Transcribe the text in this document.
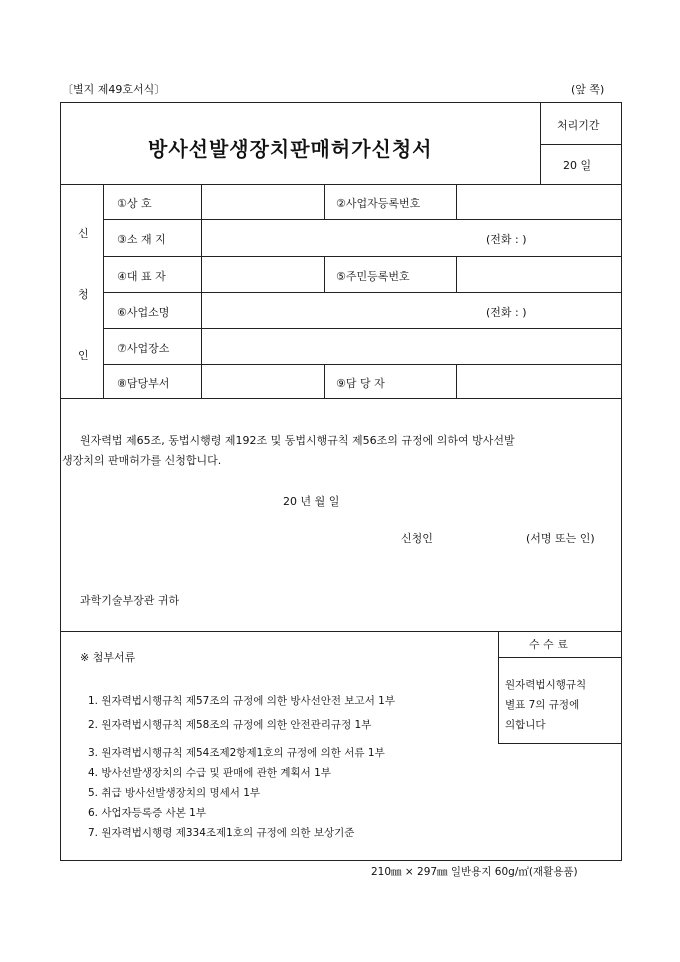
〔별지 제49호서식〕	(앞 쪽)
방사선발생장치판매허가신청서
처리기간
20 일
신
청
인
①상 호	②사업자등록번호
③소 재 지	(전화 : )
④대 표 자	⑤주민등록번호
⑥사업소명	(전화 : )
⑦사업장소
⑧담당부서	⑨담 당 자
원자력법 제65조, 동법시행령 제192조 및 동법시행규칙 제56조의 규정에 의하여 방사선발
생장치의 판매허가를 신청합니다.
20 년 월 일
신청인	(서명 또는 인)
과학기술부장관 귀하
수 수 료
원자력법시행규칙
별표 7의 규정에
의합니다
※ 첨부서류
1. 원자력법시행규칙 제57조의 규정에 의한 방사선안전 보고서 1부
2. 원자력법시행규칙 제58조의 규정에 의한 안전관리규정 1부
3. 원자력법시행규칙 제54조제2항제1호의 규정에 의한 서류 1부
4. 방사선발생장치의 수급 및 판매에 관한 계획서 1부
5. 취급 방사선발생장치의 명세서 1부
6. 사업자등록증 사본 1부
7. 원자력법시행령 제334조제1호의 규정에 의한 보상기준
210㎜ × 297㎜ 일반용지 60g/㎡(재활용품)
